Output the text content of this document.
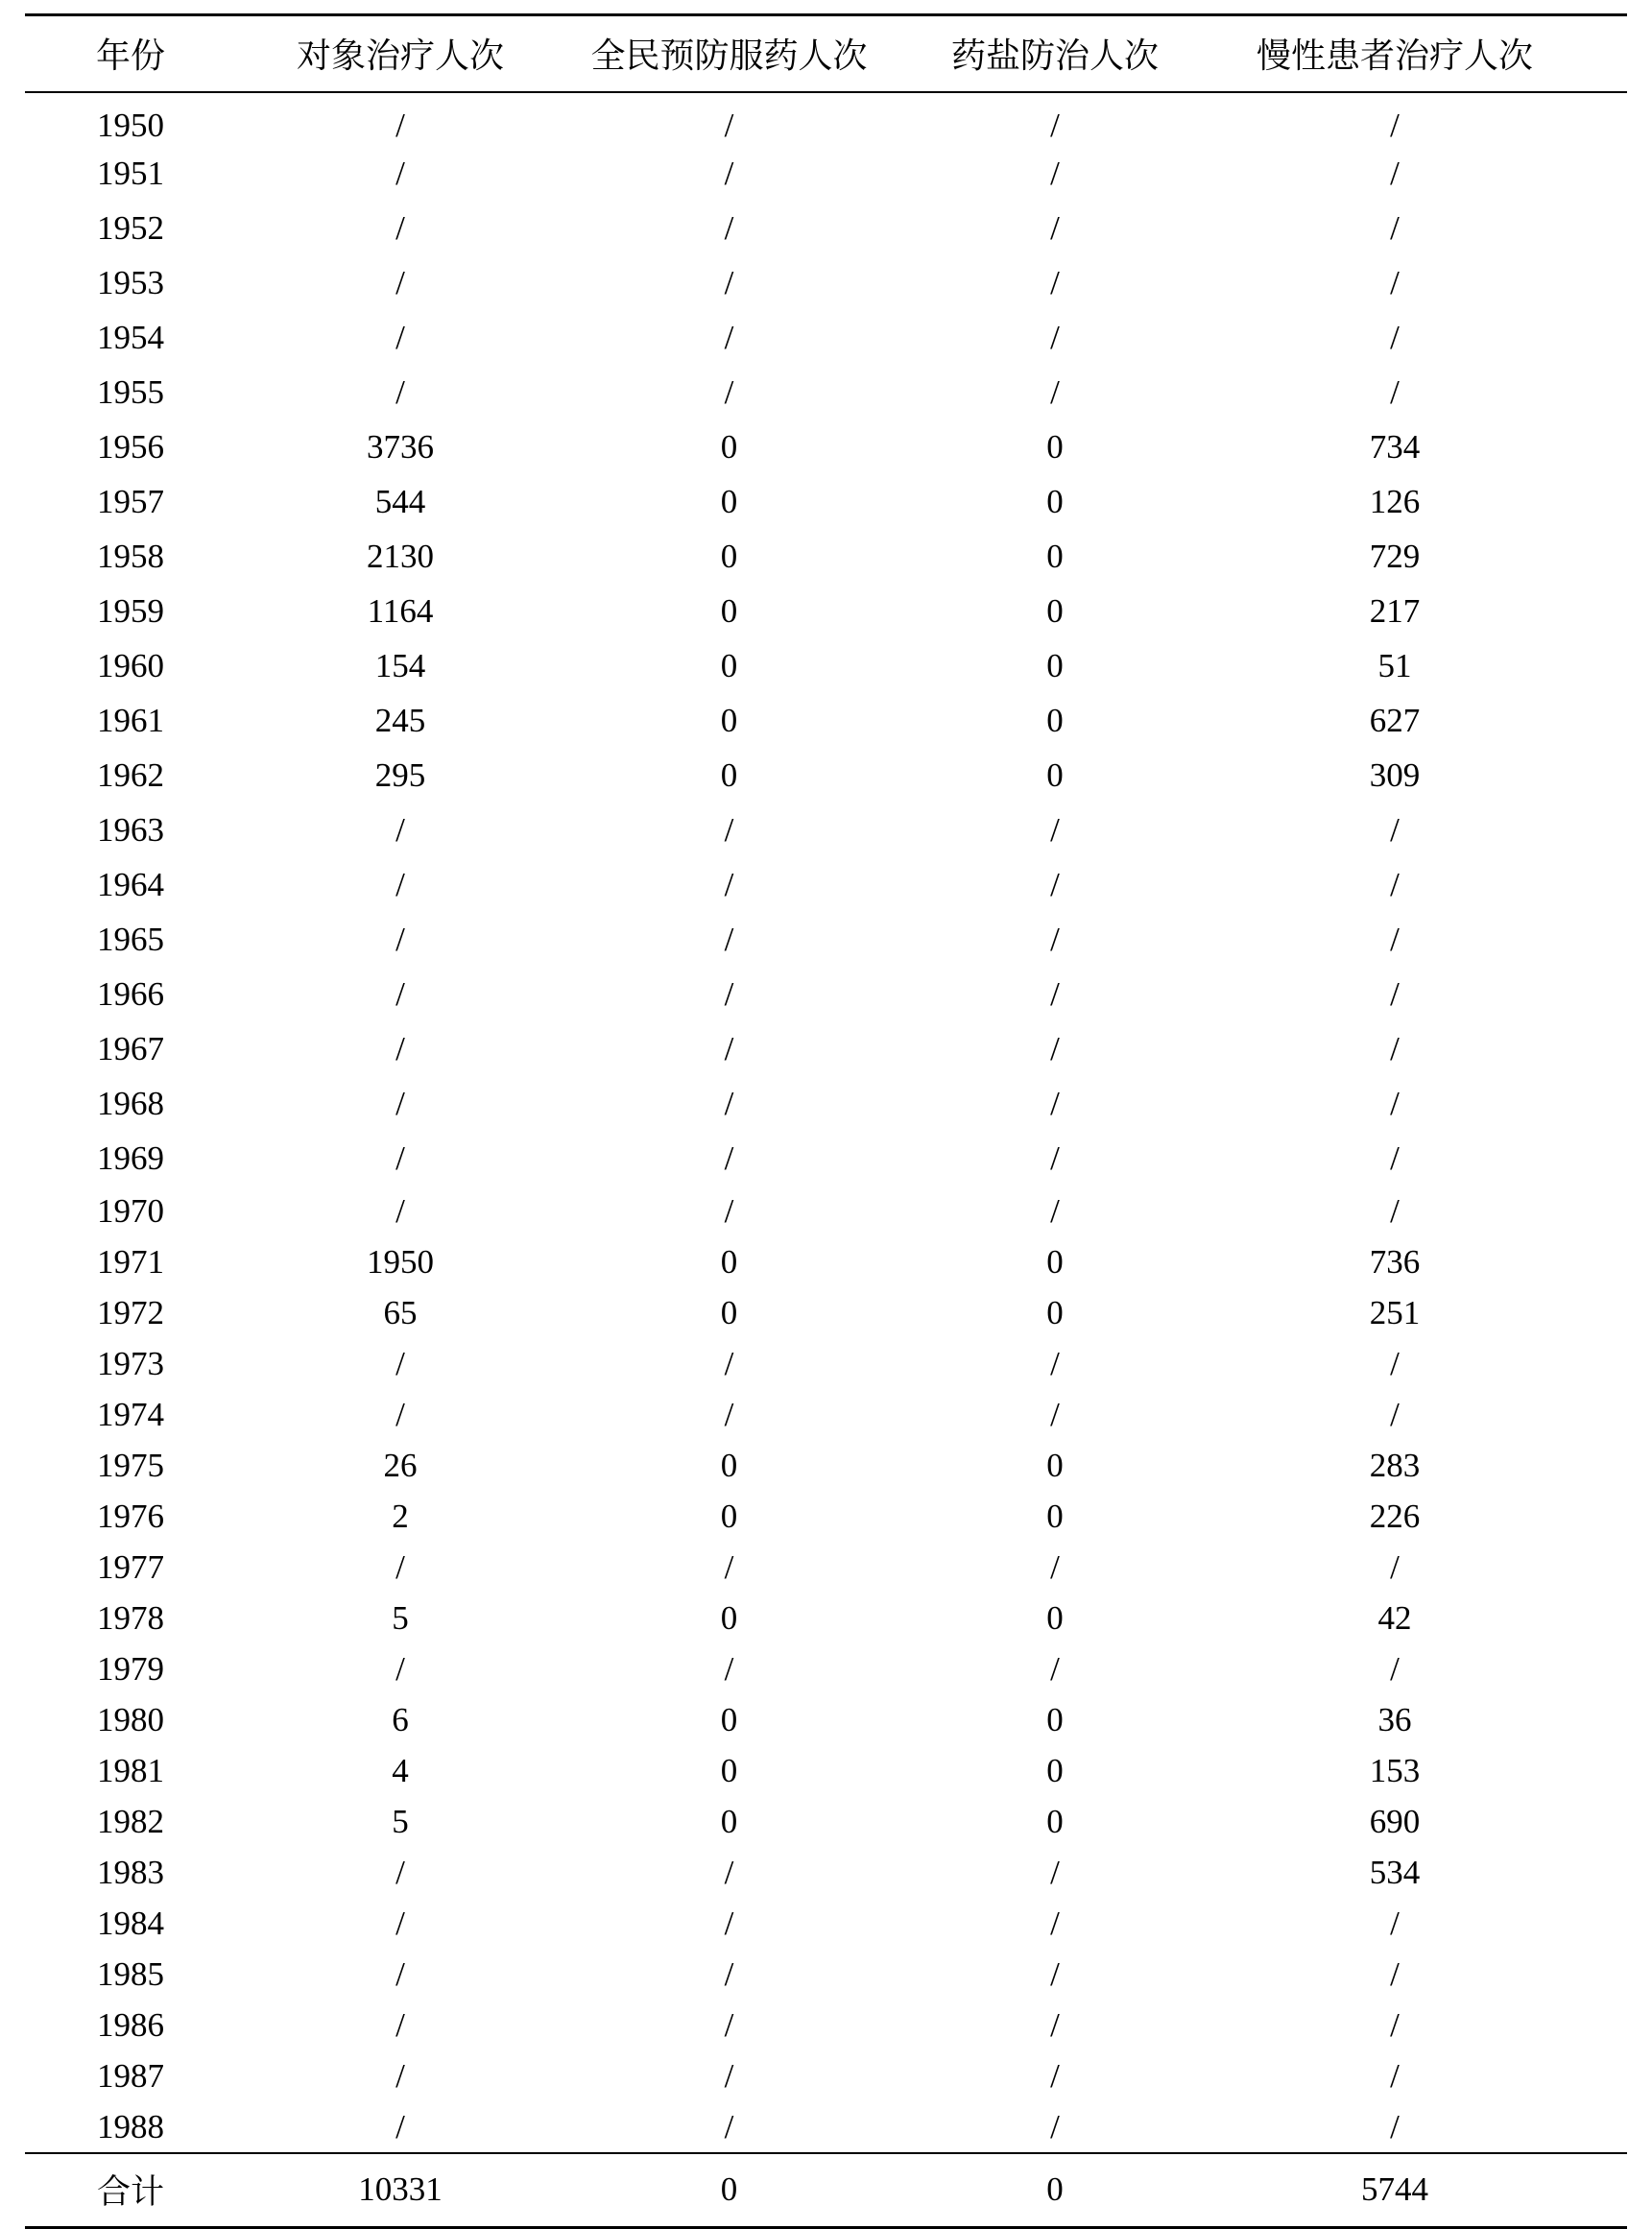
年份	对象治疗人次	全民预防服药人次	药盐防治人次	慢性患者治疗人次	
1950	/	/	/	/	
1951	/	/	/	/	
1952	/	/	/	/	
1953	/	/	/	/	
1954	/	/	/	/	
1955	/	/	/	/	
1956	3736	0	0	734	
1957	544	0	0	126	
1958	2130	0	0	729	
1959	1164	0	0	217	
1960	154	0	0	51	
1961	245	0	0	627	
1962	295	0	0	309	
1963	/	/	/	/	
1964	/	/	/	/	
1965	/	/	/	/	
1966	/	/	/	/	
1967	/	/	/	/	
1968	/	/	/	/	
1969	/	/	/	/	
1970	/	/	/	/	
1971	1950	0	0	736	
1972	65	0	0	251	
1973	/	/	/	/	
1974	/	/	/	/	
1975	26	0	0	283	
1976	2	0	0	226	
1977	/	/	/	/	
1978	5	0	0	42	
1979	/	/	/	/	
1980	6	0	0	36	
1981	4	0	0	153	
1982	5	0	0	690	
1983	/	/	/	534	
1984	/	/	/	/	
1985	/	/	/	/	
1986	/	/	/	/	
1987	/	/	/	/	
1988	/	/	/	/	
合计	10331	0	0	5744	
